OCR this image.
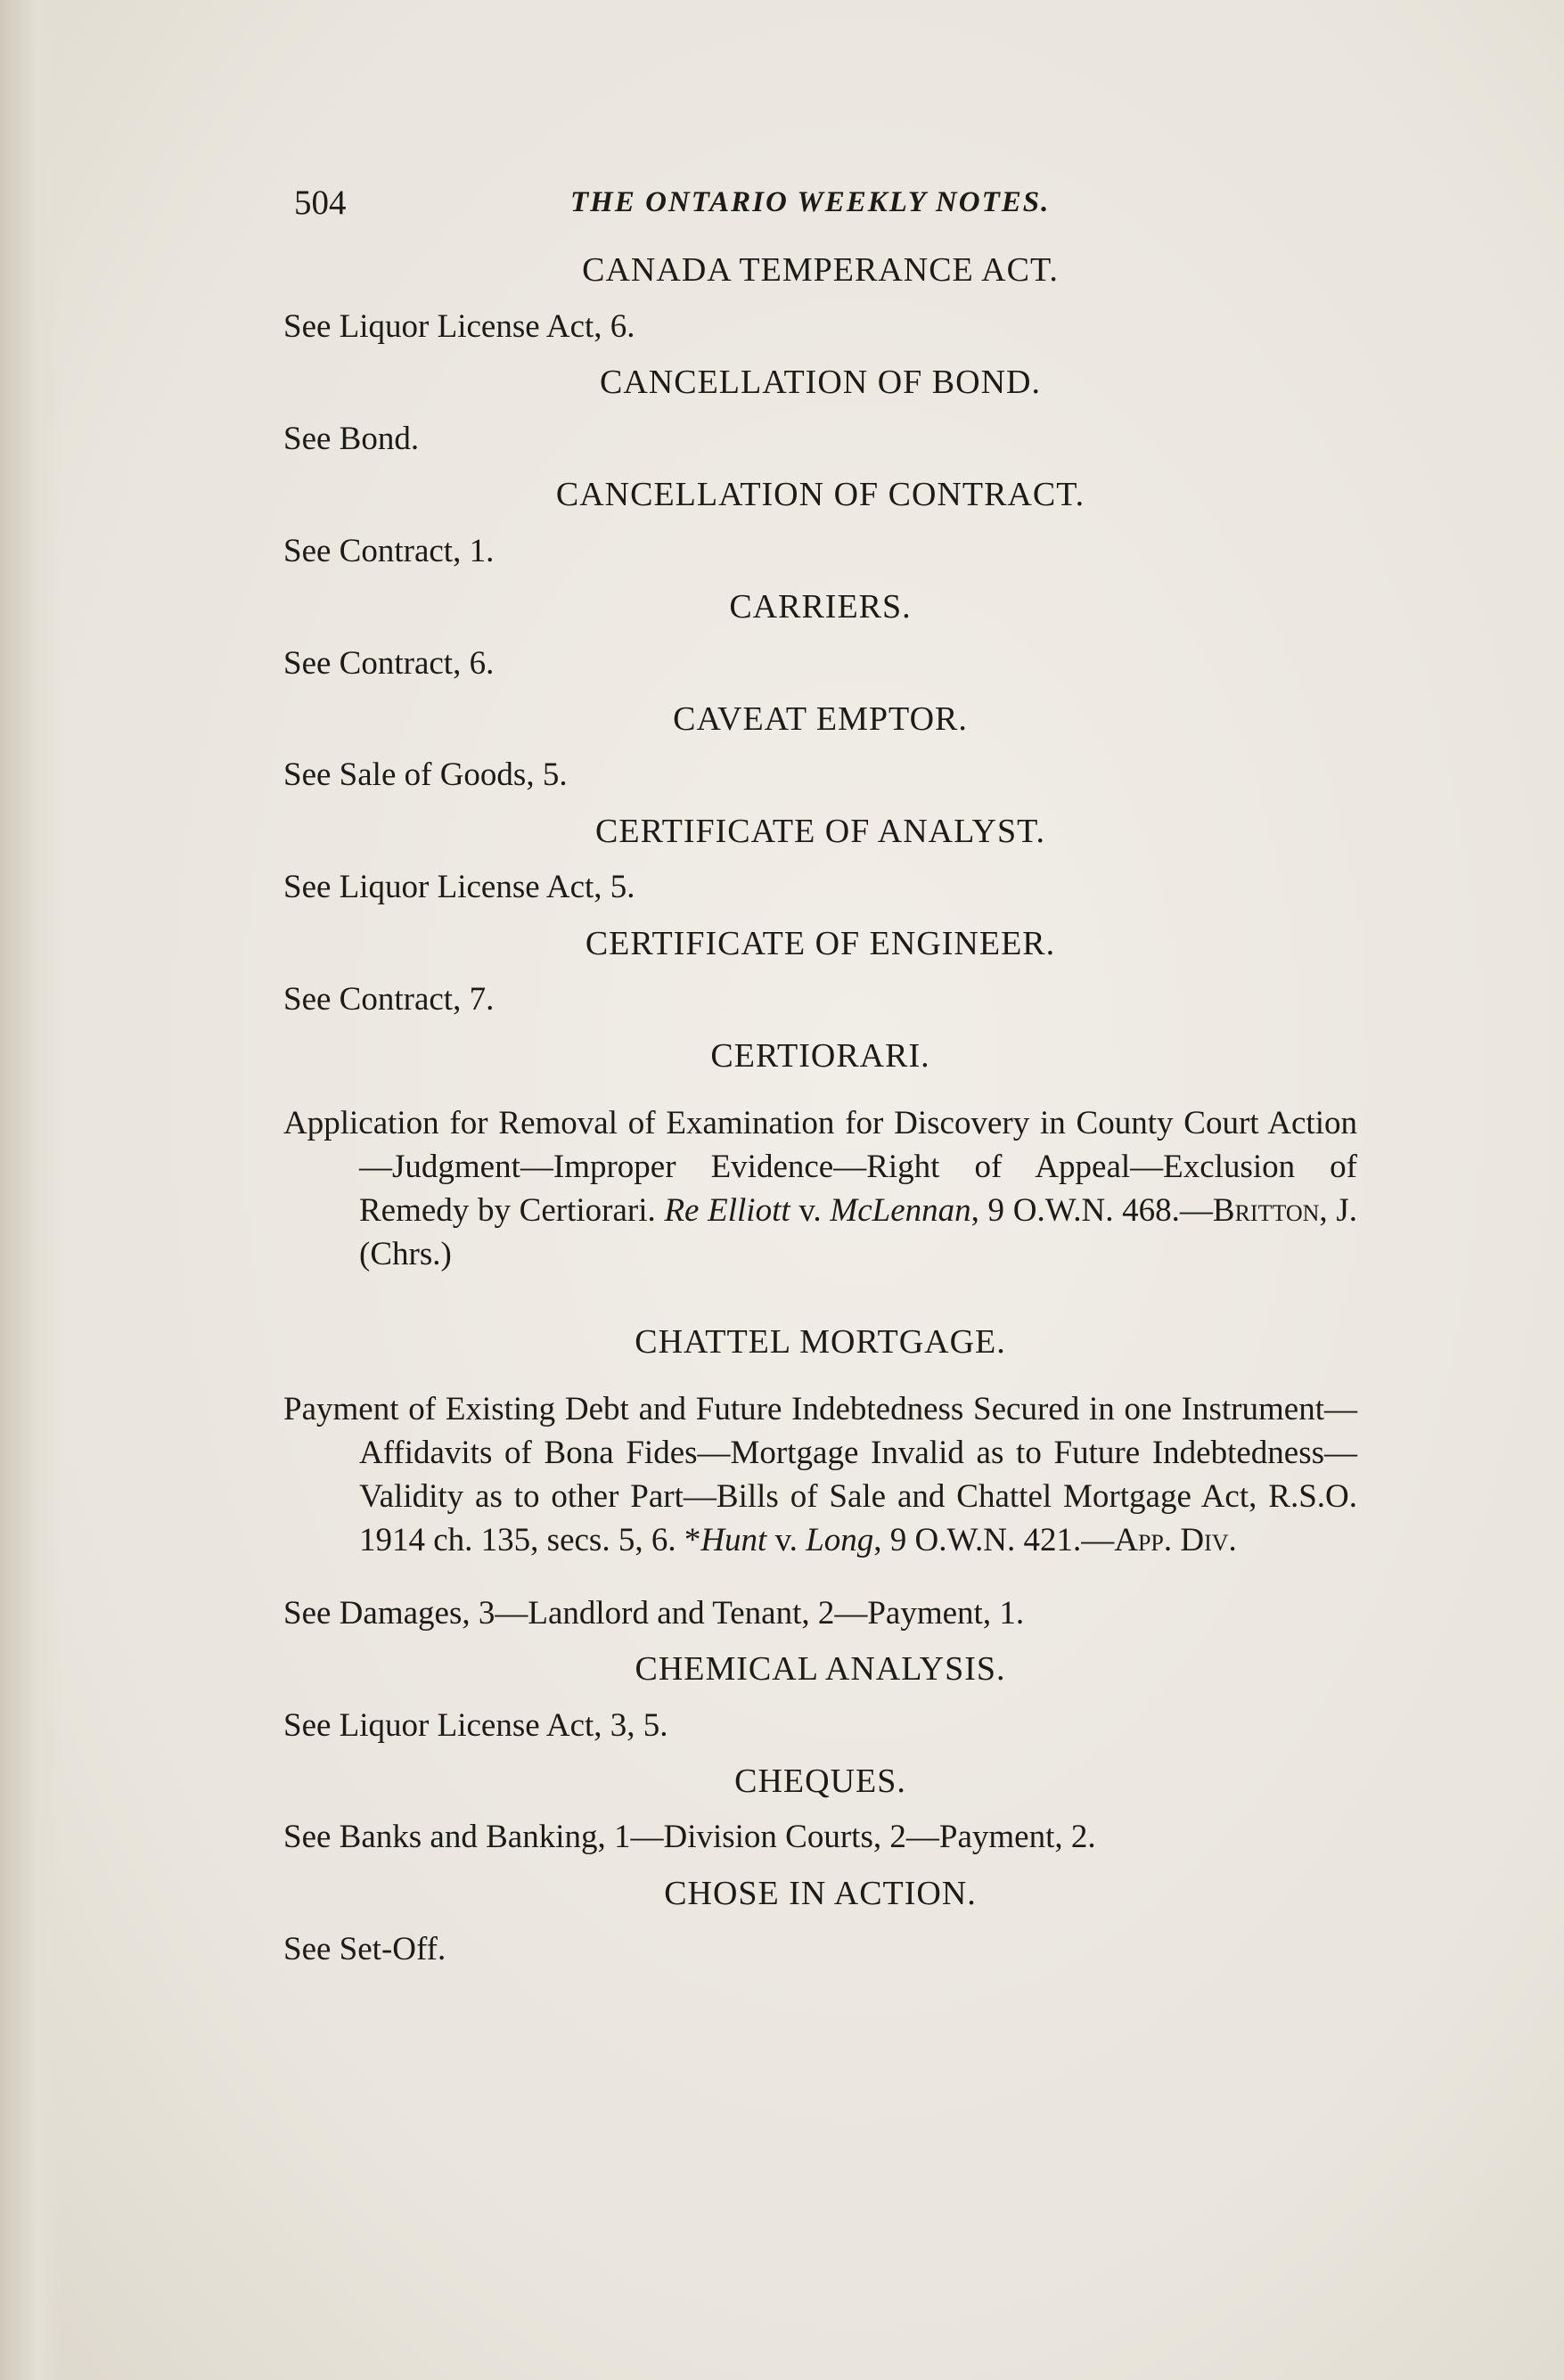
504	THE ONTARIO WEEKLY NOTES.
CANADA TEMPERANCE ACT.

See Liquor License Act, 6.

CANCELLATION OF BOND.

See Bond.

CANCELLATION OF CONTRACT.

See Contract, 1.

CARRIERS.

See Contract, 6.

CAVEAT EMPTOR.

See Sale of Goods, 5.

CERTIFICATE OF ANALYST.

See Liquor License Act, 5.

CERTIFICATE OF ENGINEER.

See Contract, 7.

CERTIORARI.

Application for Removal of Examination for Discovery in County Court Action—Judgment—Improper Evidence—Right of Appeal—Exclusion of Remedy by Certiorari. Re Elliott v. McLennan, 9 O.W.N. 468.—Britton, J. (Chrs.)

CHATTEL MORTGAGE.

Payment of Existing Debt and Future Indebtedness Secured in one Instrument—Affidavits of Bona Fides—Mortgage Invalid as to Future Indebtedness—Validity as to other Part—Bills of Sale and Chattel Mortgage Act, R.S.O. 1914 ch. 135, secs. 5, 6. *Hunt v. Long, 9 O.W.N. 421.—App. Div.

See Damages, 3—Landlord and Tenant, 2—Payment, 1.

CHEMICAL ANALYSIS.

See Liquor License Act, 3, 5.

CHEQUES.

See Banks and Banking, 1—Division Courts, 2—Payment, 2.

CHOSE IN ACTION.

See Set-Off.
